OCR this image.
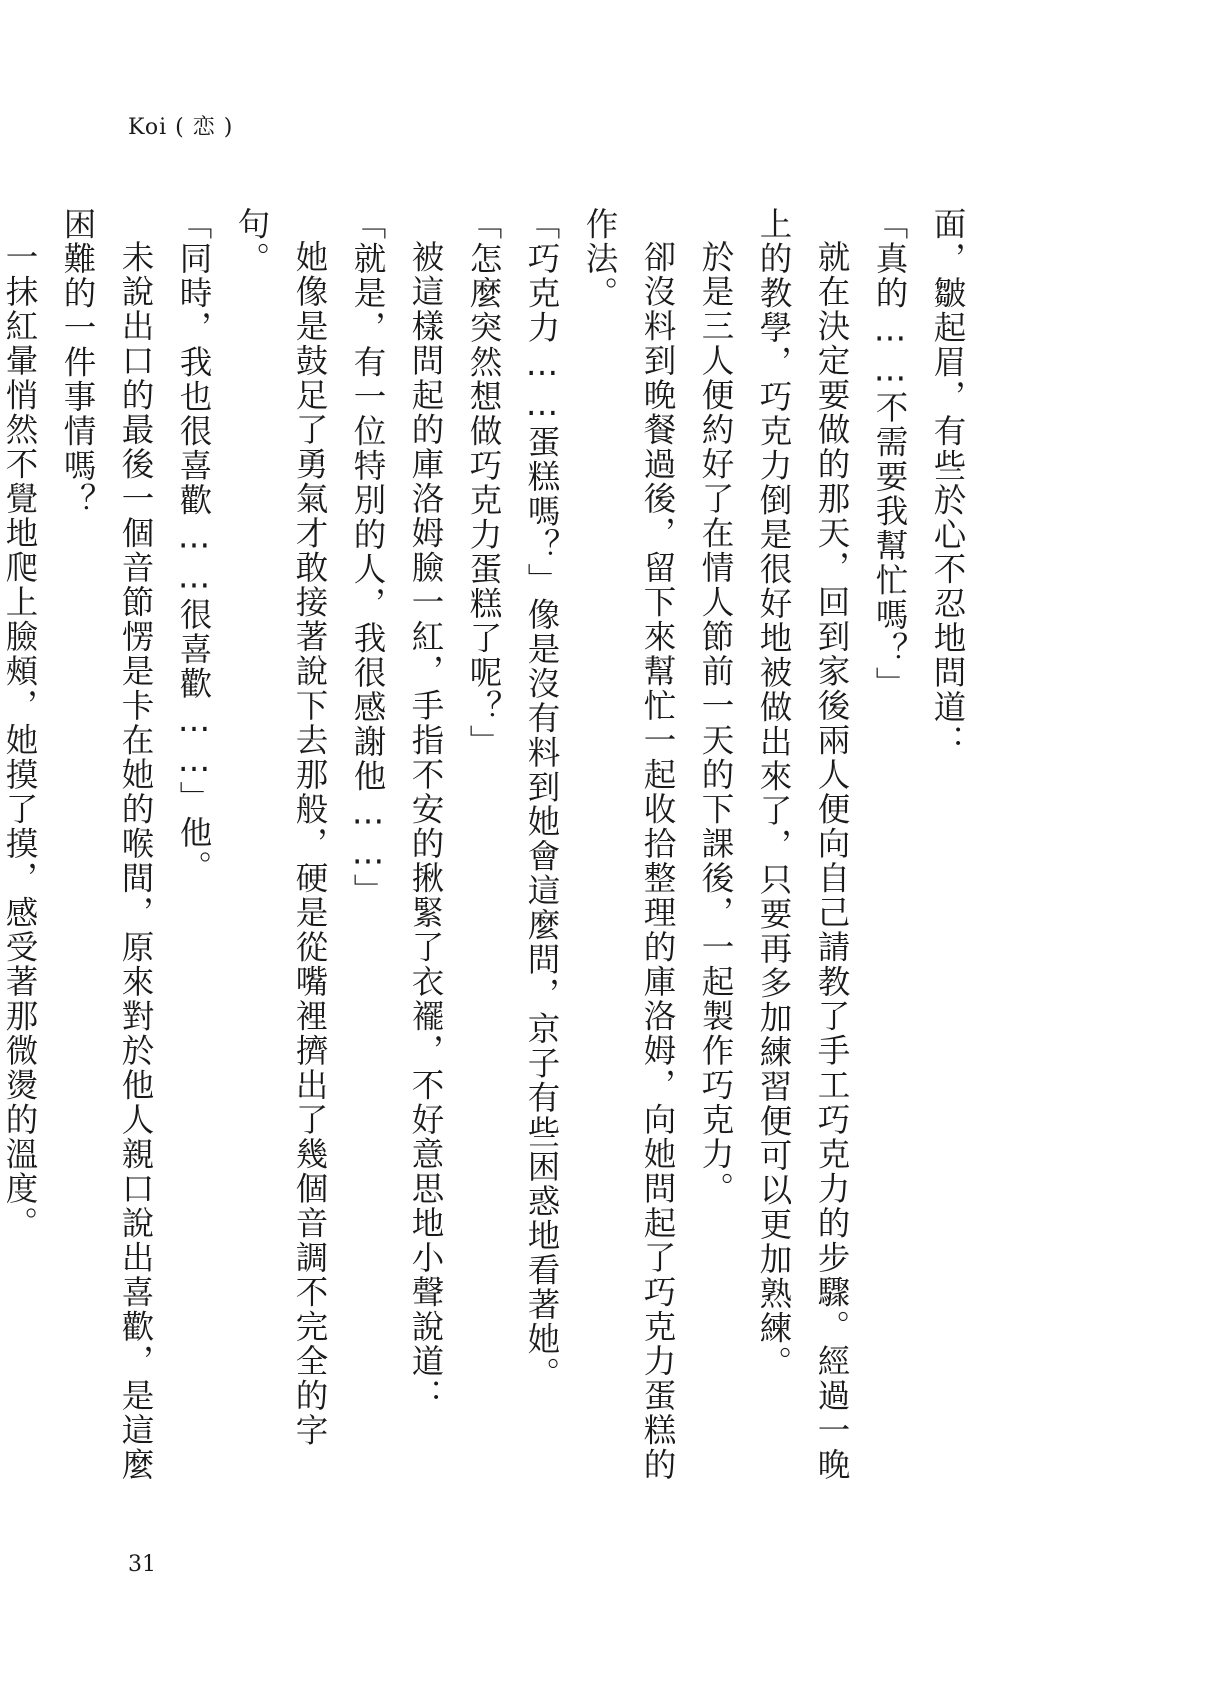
Koi ( 恋 )

面，皺起眉，有些於心不忍地問道：

「真的……不需要我幫忙嗎？」

就在決定要做的那天，回到家後兩人便向自己請教了手工巧克力的步驟。經過一晚上的教學，巧克力倒是很好地被做出來了，只要再多加練習便可以更加熟練。

於是三人便約好了在情人節前一天的下課後，一起製作巧克力。

卻沒料到晚餐過後，留下來幫忙一起收拾整理的庫洛姆，向她問起了巧克力蛋糕的作法。

「巧克力……蛋糕嗎？」像是沒有料到她會這麼問，京子有些困惑地看著她。

「怎麼突然想做巧克力蛋糕了呢？」

被這樣問起的庫洛姆臉一紅，手指不安的揪緊了衣襬，不好意思地小聲說道：

「就是，有一位特別的人，我很感謝他……」

她像是鼓足了勇氣才敢接著說下去那般，硬是從嘴裡擠出了幾個音調不完全的字句。

「同時，我也很喜歡……很喜歡……」他。

未說出口的最後一個音節愣是卡在她的喉間，原來對於他人親口說出喜歡，是這麼困難的一件事情嗎？

一抹紅暈悄然不覺地爬上臉頰，她摸了摸，感受著那微燙的溫度。

31
